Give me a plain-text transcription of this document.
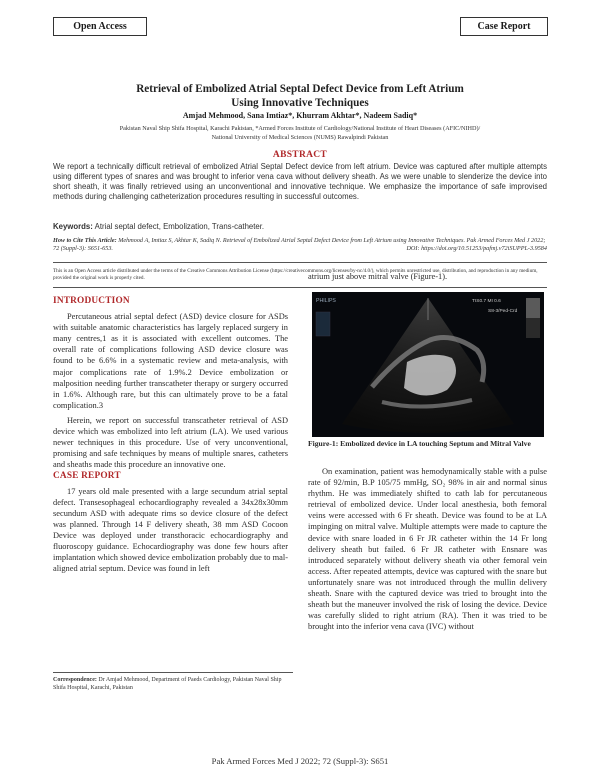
Open Access	Case Report
Retrieval of Embolized Atrial Septal Defect Device from Left Atrium
Using Innovative Techniques
Amjad Mehmood, Sana Imtiaz*, Khurram Akhtar*, Nadeem Sadiq*
Pakistan Naval Ship Shifa Hospital, Karachi Pakistan, *Armed Forces Institute of Cardiology/National Institute of Heart Diseases (AFIC/NIHD)/
National University of Medical Sciences (NUMS) Rawalpindi Pakistan
ABSTRACT
We report a technically difficult retrieval of embolized Atrial Septal Defect device from left atrium. Device was captured after multiple attempts using different types of snares and was brought to inferior vena cava without delivery sheath. As we were unable to slenderize the device into short sheath, it was finally retrieved using an unconventional and innovative technique. We emphasize the importance of safe improvised methods during challenging catheterization procedures resulting in successful outcomes.
Keywords: Atrial septal defect, Embolization, Trans-catheter.
How to Cite This Article: Mehmood A, Imtiaz S, Akhtar K, Sadiq N. Retrieval of Embolized Atrial Septal Defect Device from Left Atrium using Innovative Techniques. Pak Armed Forces Med J 2022; 72 (Suppl-3): S651-653.	DOI: https://doi.org/10.51253/pafmj.v72iSUPPL-3.9584
This is an Open Access article distributed under the terms of the Creative Commons Attribution License (https://creativecommons.org/licenses/by-nc/4.0/), which permits unrestricted use, distribution, and reproduction in any medium, provided the original work is properly cited.
INTRODUCTION

Percutaneous atrial septal defect (ASD) device closure for ASDs with suitable anatomic characteristics has largely replaced surgery in many centres,1 as it is associated with excellent outcomes. The overall rate of complications following ASD device closure was found to be 6.6% in a systematic review and meta-analysis, with major complications rate of 1.9%.2 Device embolization or malposition needing further transcatheter therapy or surgery occurred in 1.6%. Although rare, but this can ultimately prove to be a fatal complication.3

Herein, we report on successful transcatheter retrieval of ASD device which was embolized into left atrium (LA). We used various newer techniques in this procedure. Use of very unconventional, promising and safe techniques by means of multiple snares, catheters and sheaths made this procedure an innovative one.

CASE REPORT

17 years old male presented with a large secundum atrial septal defect. Transesophageal echocardiography revealed a 34x28x30mm secundum ASD with adequate rims so device closure of the defect was planned. Through 14 F delivery sheath, 38 mm ASD Cocoon Device was deployed under transthoracic echocardiography and fluoroscopy guidance. Echocardiography was done few hours after implantation which showed device embolization probably due to mal-aligned atrial septum. Device was found in left

atrium just above mitral valve (Figure-1).
PHILIPS	TIS0.7 MI 0.6
S8-3/Ped-Crd
Figure-1: Embolized device in LA touching Septum and Mitral Valve

On examination, patient was hemodynamically stable with a pulse rate of 92/min, B.P 105/75 mmHg, SO₂ 98% in air and normal sinus rhythm. He was immediately shifted to cath lab for percutaneous retrieval of embolized device. Under local anesthesia, both femoral veins were accessed with 6 Fr sheath. Device was found to be at LA impinging on mitral valve. Multiple attempts were made to capture the device with snare loaded in 6 Fr JR catheter within the 14 Fr long delivery sheath but failed. 6 Fr JR catheter with Ensnare was introduced separately without delivery sheath via other femoral vein access. After repeated attempts, device was captured with the snare but unfortunately snare was not introduced through the mullin delivery sheath. Snare with the captured device was tried to brought into the sheath but the maneuver involved the risk of losing the device. Device was carefully slided to right atrium (RA). Then it was tried to be brought into the inferior vena cava (IVC) without

Correspondence: Dr Amjad Mehmood, Department of Paeds Cardiology, Pakistan Naval Ship Shifa Hospital, Karachi, Pakistan
Pak Armed Forces Med J 2022; 72 (Suppl-3): S651
